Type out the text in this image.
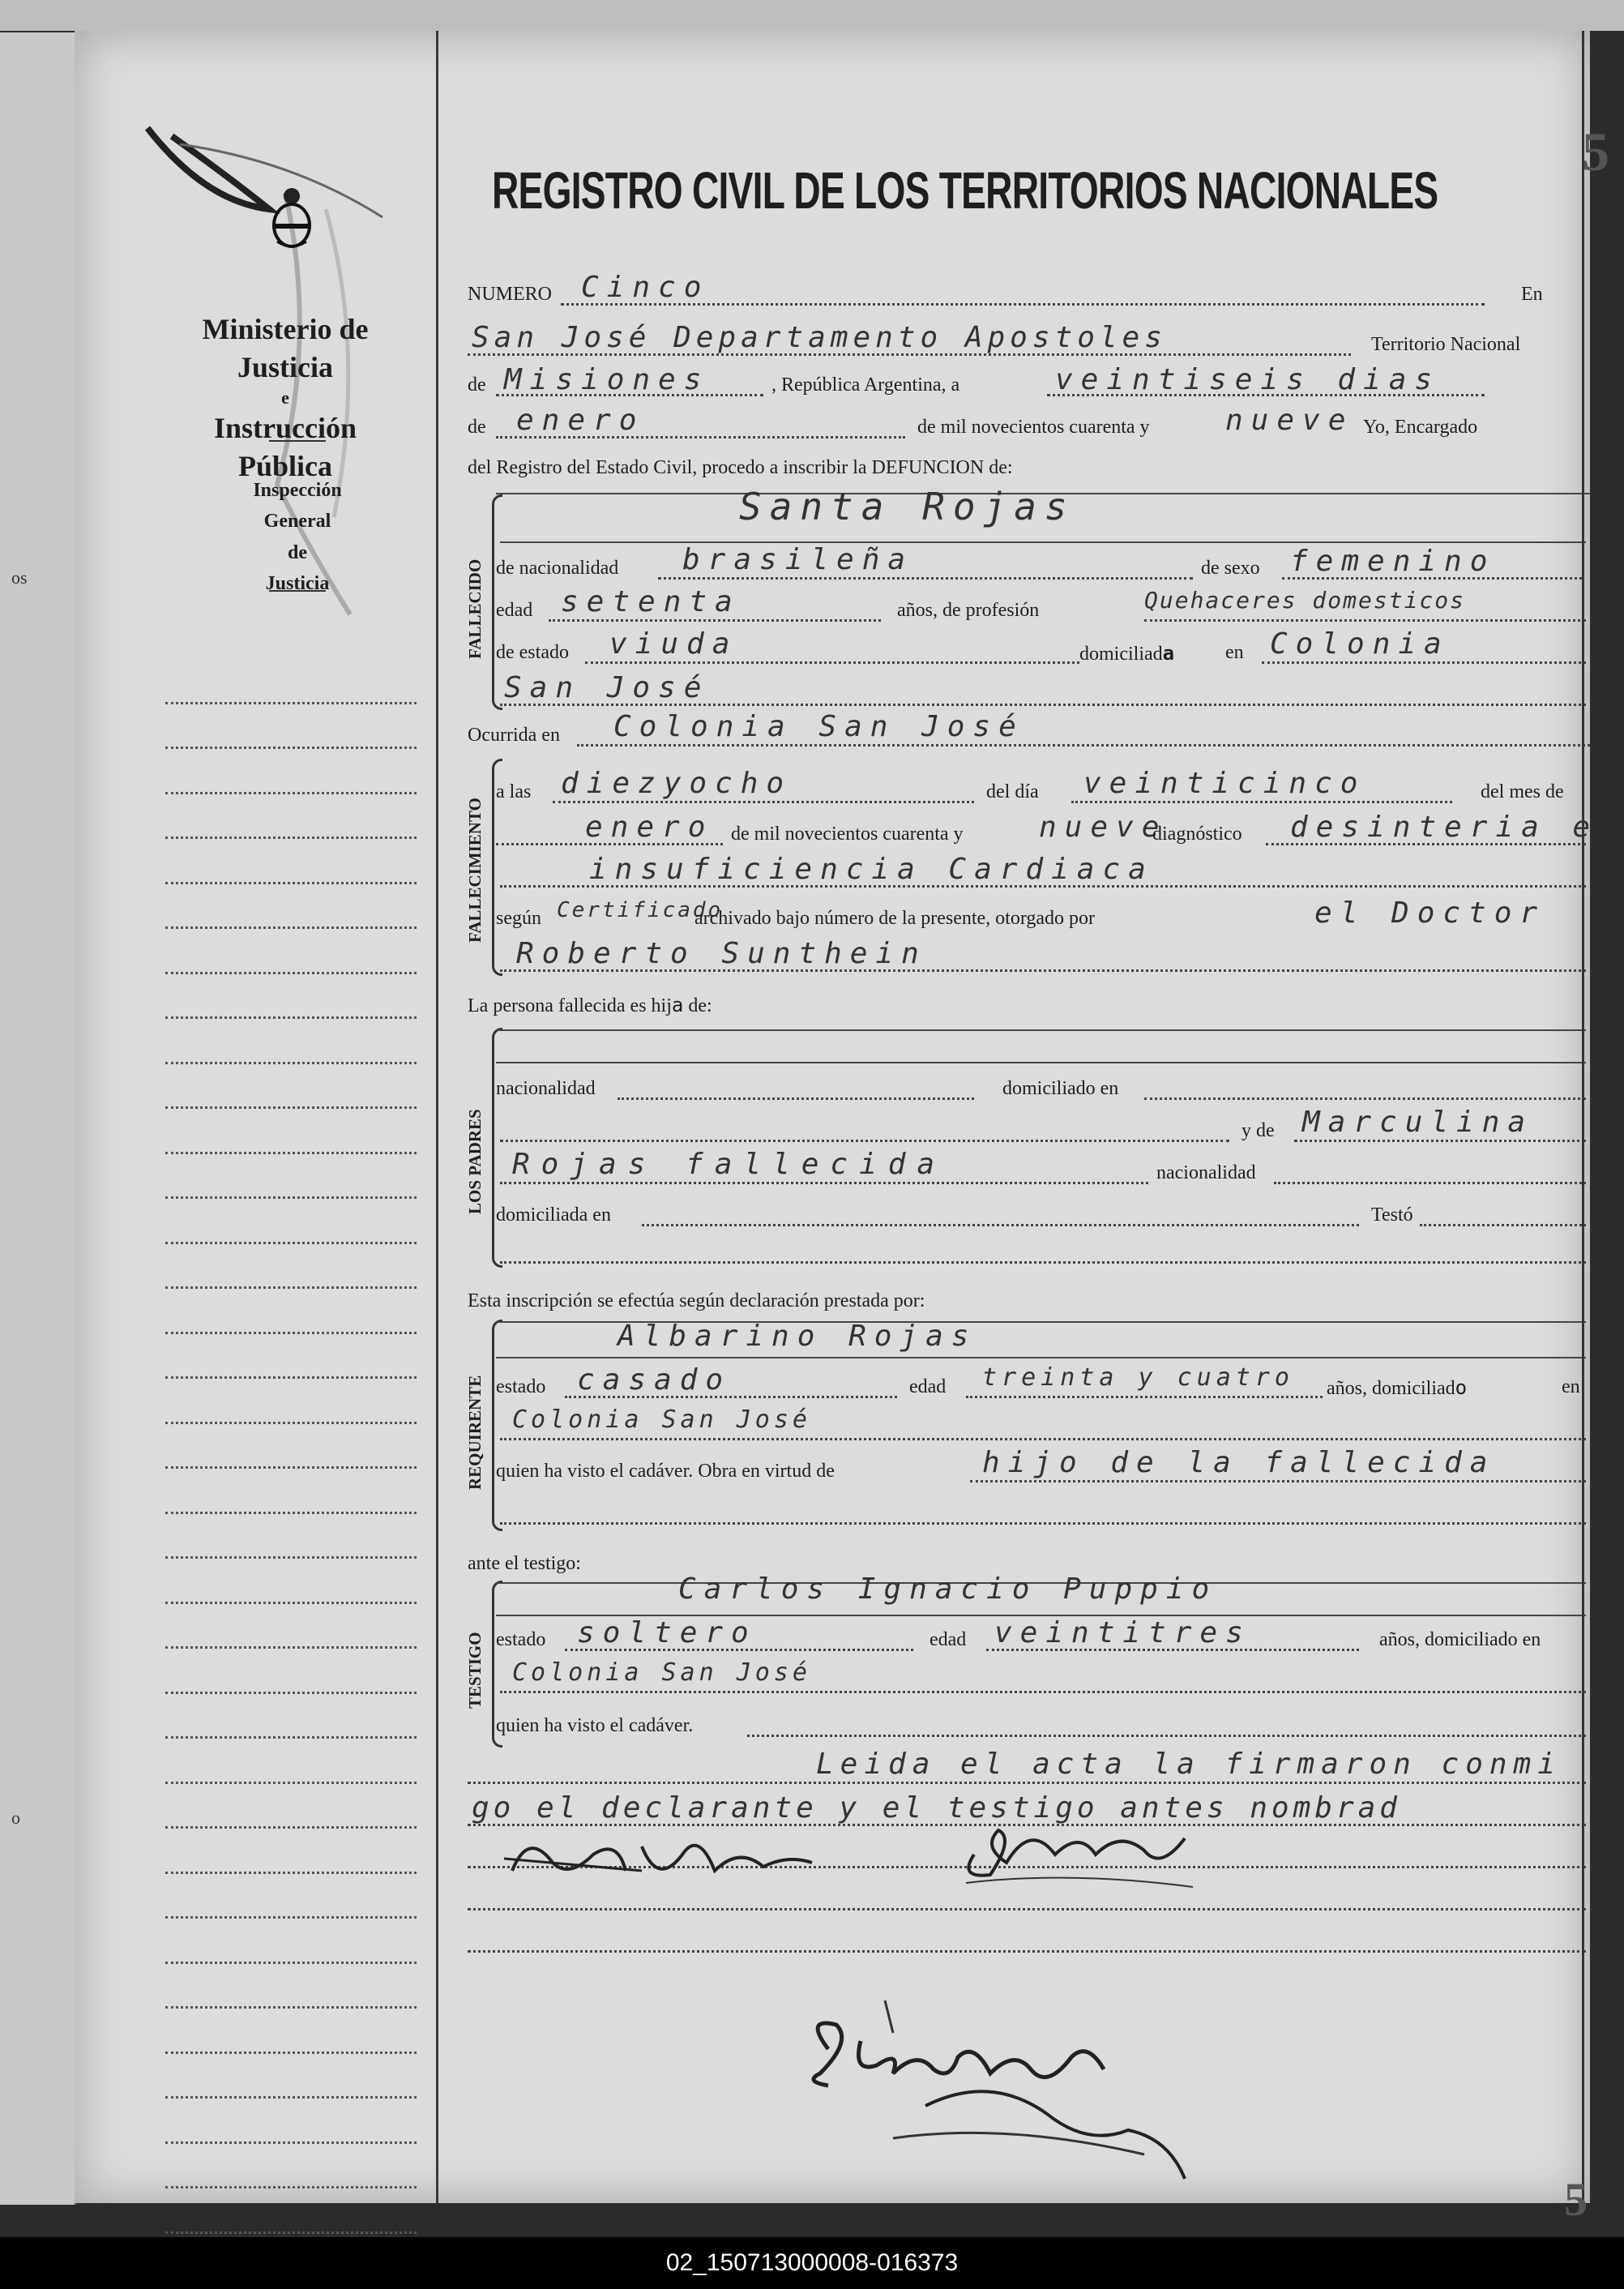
os
o
Ministerio de Justicia
e
Instrucción Pública
Inspección General
de
Justicia
REGISTRO CIVIL DE LOS TERRITORIOS NACIONALES
5
NUMERO Cinco	En
San José Departamento Apostoles	Territorio Nacional
de Misiones	, República Argentina, a	veintiseis dias
de enero	de mil novecientos cuarenta y	nueve Yo, Encargado
del Registro del Estado Civil, procedo a inscribir la DEFUNCION de:
FALLECIDO
Santa Rojas
de nacionalidad brasileña	de sexo femenino
edad setenta	años, de profesión	Quehaceres domesticos
de estado viuda	domiciliada	en Colonia
San José
Ocurrida en Colonia San José
FALLECIMIENTO
a las diezyocho	del día veinticinco	del mes de
enero de mil novecientos cuarenta y	nueve
diagnóstico desinteria e
insuficiencia Cardiaca
según Certificado
archivado bajo número de la presente, otorgado por	el Doctor
Roberto Sunthein
La persona fallecida es hija de:
LOS PADRES
nacionalidad	domiciliado en
y de Marculina
Rojas fallecida	nacionalidad
domiciliada en	Testó
Esta inscripción se efectúa según declaración prestada por:
REQUIRENTE
Albarino Rojas
estado casado	edad treinta y cuatro años, domiciliado	en
Colonia San José
quien ha visto el cadáver. Obra en virtud de	hijo de la fallecida
ante el testigo:
TESTIGO
Carlos Ignacio Puppio
estado soltero	edad veintitres	años, domiciliado en
Colonia San José
quien ha visto el cadáver.
Leida el acta la firmaron conmi
go el declarante y el testigo antes nombrad
5
02_150713000008-016373
